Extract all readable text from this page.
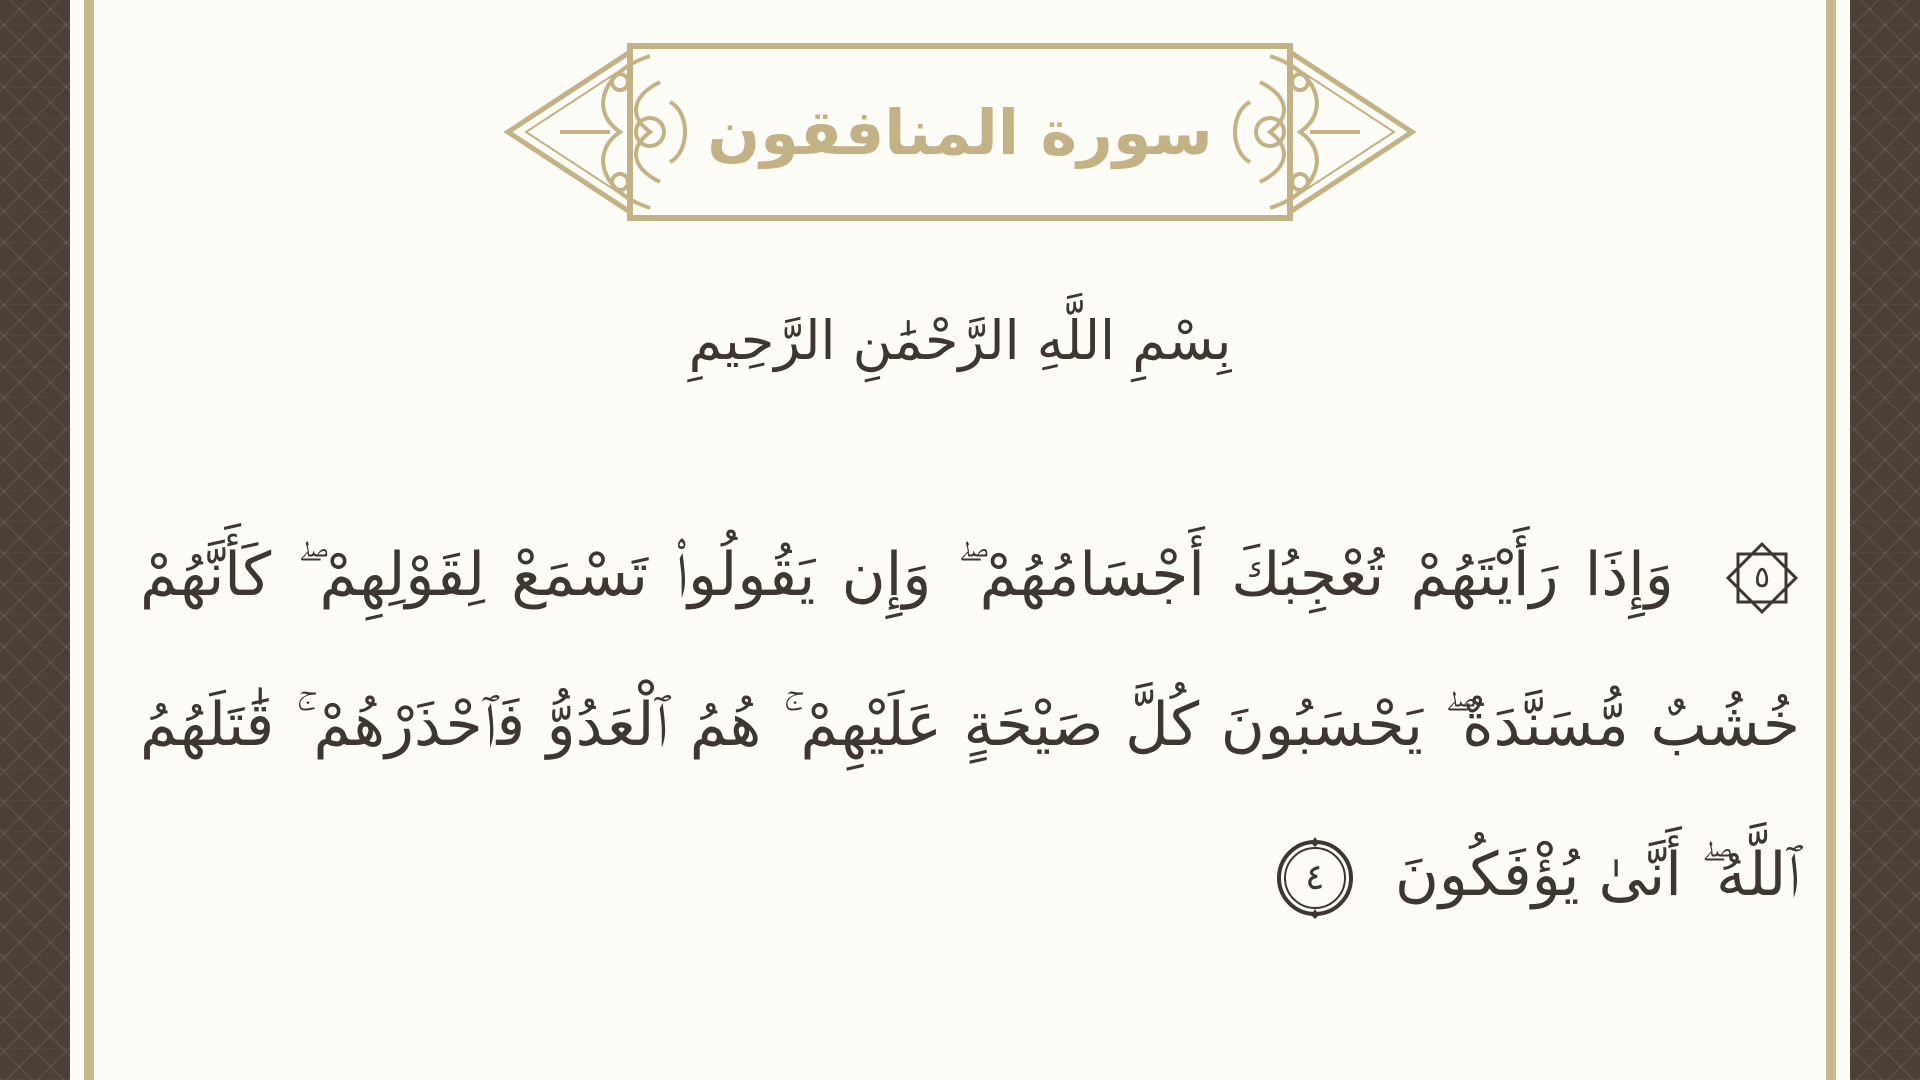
سورة المنافقون
بِسْمِ اللَّهِ الرَّحْمَٰنِ الرَّحِيمِ

٥
وَإِذَا رَأَيْتَهُمْ تُعْجِبُكَ أَجْسَامُهُمْ ۖ وَإِن يَقُولُوا۟ تَسْمَعْ لِقَوْلِهِمْ ۖ كَأَنَّهُمْ خُشُبٌ مُّسَنَّدَةٌ ۖ يَحْسَبُونَ كُلَّ صَيْحَةٍ عَلَيْهِمْ ۚ هُمُ ٱلْعَدُوُّ فَٱحْذَرْهُمْ ۚ قَٰتَلَهُمُ ٱللَّهُ ۖ أَنَّىٰ يُؤْفَكُونَ
٤
